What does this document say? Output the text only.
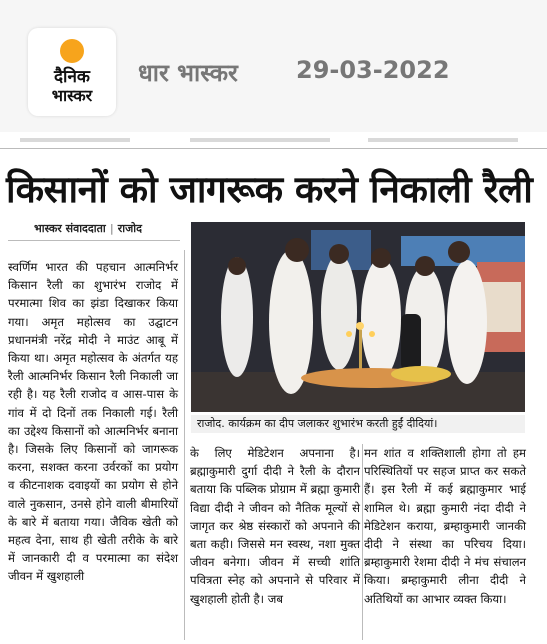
दैनिक
भास्कर
धार भास्कर 29-03-2022
किसानों को जागरूक करने निकाली रैली
भास्कर संवाददाता | राजोद
राजोद. कार्यक्रम का दीप जलाकर शुभारंभ करती हुईं दीदियां।
स्वर्णिम भारत की पहचान आत्मनिर्भर किसान रैली का शुभारंभ राजोद में परमात्मा शिव का झंडा दिखाकर किया गया। अमृत महोत्सव का उद्घाटन प्रधानमंत्री नरेंद्र मोदी ने माउंट आबू में किया था। अमृत महोत्सव के अंतर्गत यह रैली आत्मनिर्भर किसान रैली निकाली जा रही है। यह रैली राजोद व आस-पास के गांव में दो दिनों तक निकाली गई। रैली का उद्देश्य किसानों को आत्मनिर्भर बनाना है। जिसके लिए किसानों को जागरूक करना, सशक्त करना उर्वरकों का प्रयोग व कीटनाशक दवाइयों का प्रयोग से होने वाले नुकसान, उनसे होने वाली बीमारियों के बारे में बताया गया। जैविक खेती को महत्व देना, साथ ही खेती तरीके के बारे में जानकारी दी व परमात्मा का संदेश जीवन में खुशहाली
के लिए मेडिटेशन अपनाना है। ब्रह्माकुमारी दुर्गा दीदी ने रैली के दौरान बताया कि पब्लिक प्रोग्राम में ब्रह्मा कुमारी विद्या दीदी ने जीवन को नैतिक मूल्यों से जागृत कर श्रेष्ठ संस्कारों को अपनाने की बता कही। जिससे मन स्वस्थ, नशा मुक्त जीवन बनेगा। जीवन में सच्ची शांति पवित्रता स्नेह को अपनाने से परिवार में खुशहाली होती है। जब
मन शांत व शक्तिशाली होगा तो हम परिस्थितियों पर सहज प्राप्त कर सकते हैं। इस रैली में कई ब्रह्माकुमार भाई शामिल थे। ब्रह्मा कुमारी नंदा दीदी ने मेडिटेशन कराया, ब्रम्हाकुमारी जानकी दीदी ने संस्था का परिचय दिया। ब्रम्हाकुमारी रेशमा दीदी ने मंच संचालन किया। ब्रम्हाकुमारी लीना दीदी ने अतिथियों का आभार व्यक्त किया।
